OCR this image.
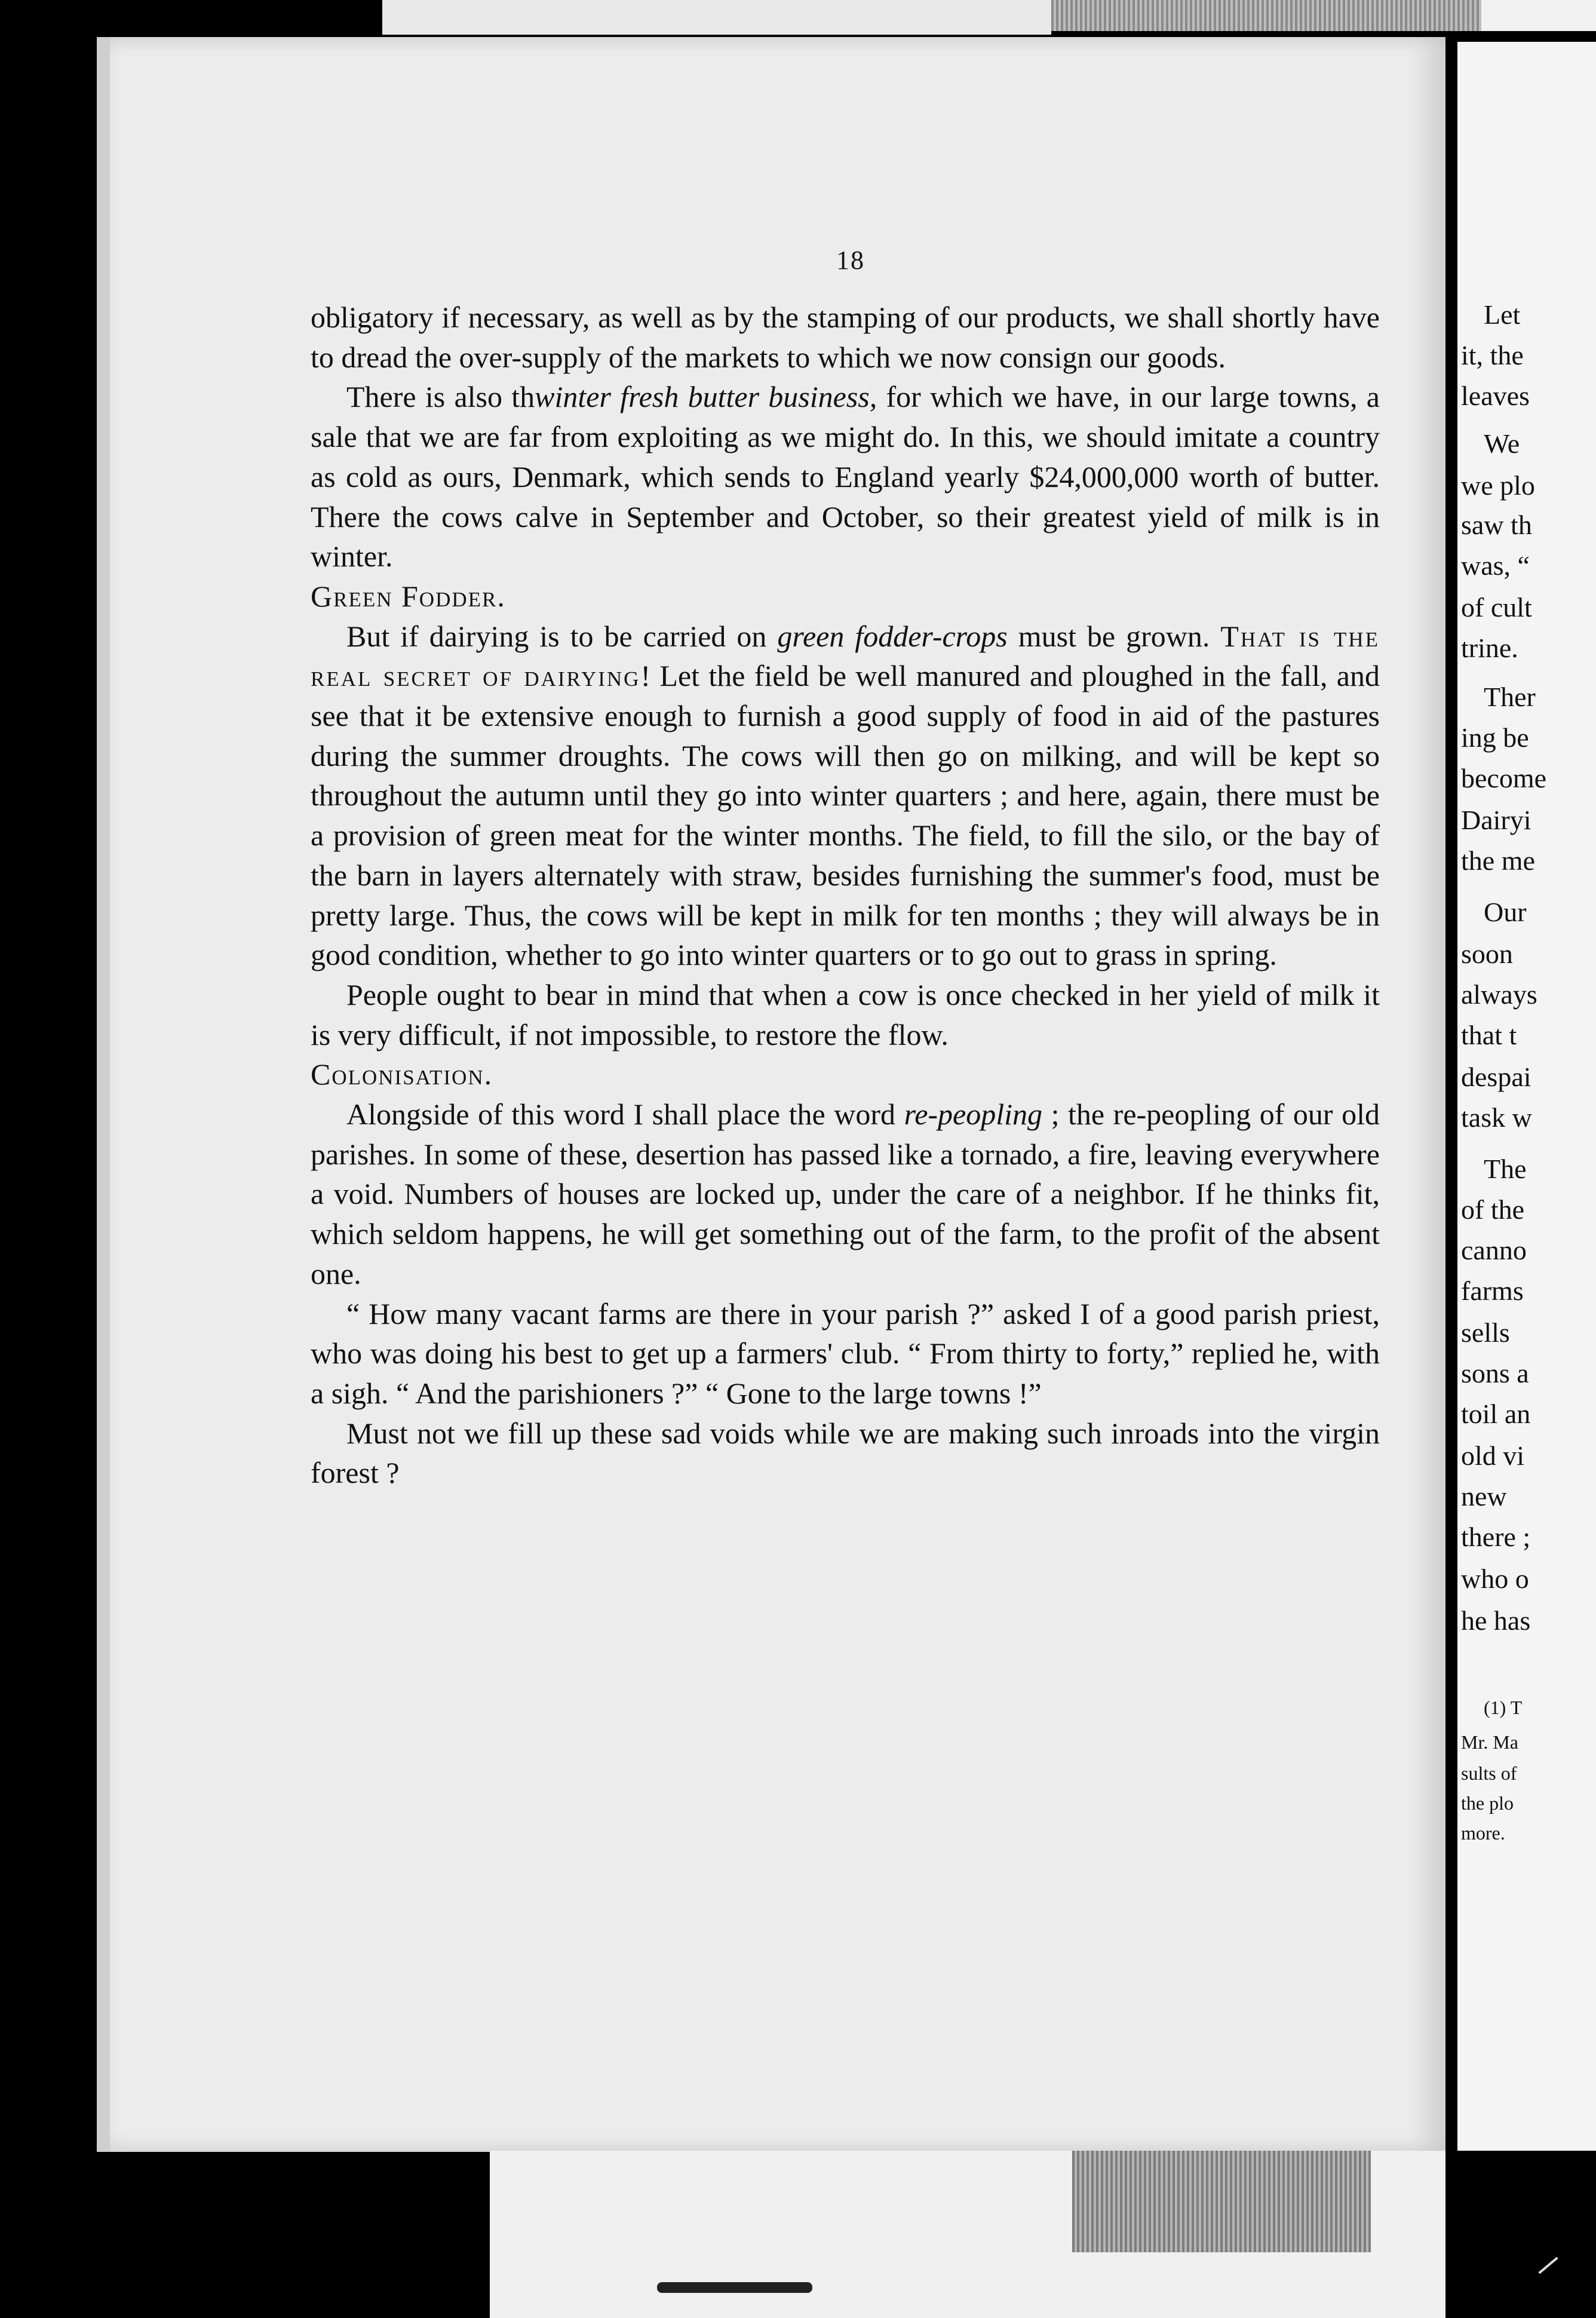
18

obligatory if necessary, as well as by the stamping of our products, we shall shortly have to dread the over-supply of the markets to which we now consign our goods.

There is also thwinter fresh butter business, for which we have, in our large towns, a sale that we are far from exploiting as we might do. In this, we should imitate a country as cold as ours, Denmark, which sends to England yearly $24,000,000 worth of butter. There the cows calve in September and October, so their greatest yield of milk is in winter.

Green Fodder.

But if dairying is to be carried on green fodder-crops must be grown. That is the real secret of dairying! Let the field be well manured and ploughed in the fall, and see that it be extensive enough to furnish a good supply of food in aid of the pastures during the summer droughts. The cows will then go on milking, and will be kept so throughout the autumn until they go into winter quarters ; and here, again, there must be a provision of green meat for the winter months. The field, to fill the silo, or the bay of the barn in layers alternately with straw, besides furnishing the summer's food, must be pretty large. Thus, the cows will be kept in milk for ten months ; they will always be in good condition, whether to go into winter quarters or to go out to grass in spring.

People ought to bear in mind that when a cow is once checked in her yield of milk it is very difficult, if not impossible, to restore the flow.

Colonisation.

Alongside of this word I shall place the word re-peopling ; the re-peopling of our old parishes. In some of these, desertion has passed like a tornado, a fire, leaving everywhere a void. Numbers of houses are locked up, under the care of a neighbor. If he thinks fit, which seldom happens, he will get something out of the farm, to the profit of the absent one.

“ How many vacant farms are there in your parish ?” asked I of a good parish priest, who was doing his best to get up a farmers' club. “ From thirty to forty,” replied he, with a sigh. “ And the parishioners ?” “ Gone to the large towns !”

Must not we fill up these sad voids while we are making such inroads into the virgin forest ?

Let
it, the
leaves
We
we plo
saw th
was, “
of cult
trine.
Ther
ing be
become
Dairyi
the me
Our
soon
always
that t
despai
task w
The
of the
canno
farms
sells
sons a
toil an
old vi
new
there ;
who o
he has
(1) T
Mr. Ma
sults of
the plo
more.
